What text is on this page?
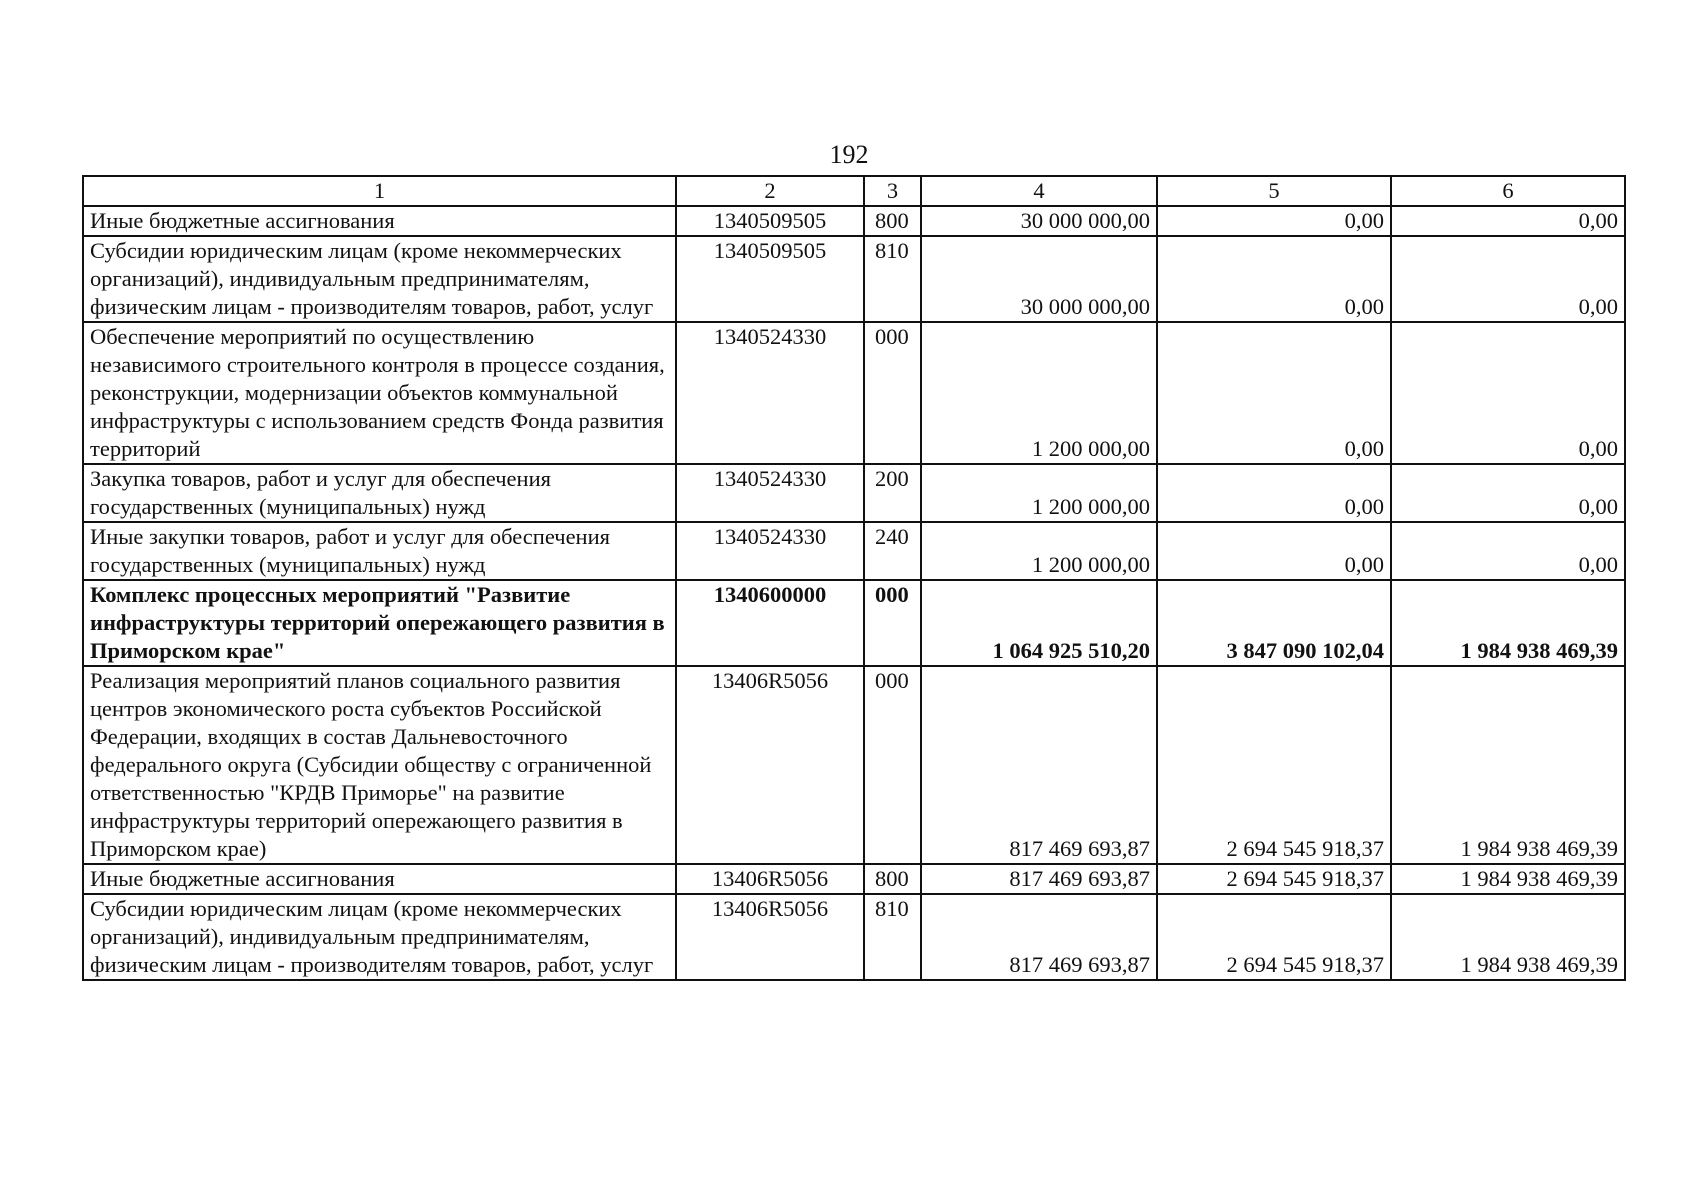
192
1	2	3	4	5	6
Иные бюджетные ассигнования	1340509505	800	30 000 000,00	0,00	0,00
Субсидии юридическим лицам (кроме некоммерческих организаций), индивидуальным предпринимателям, физическим лицам - производителям товаров, работ, услуг	1340509505	810	30 000 000,00	0,00	0,00
Обеспечение мероприятий по осуществлению независимого строительного контроля в процессе создания, реконструкции, модернизации объектов коммунальной инфраструктуры с использованием средств Фонда развития территорий	1340524330	000	1 200 000,00	0,00	0,00
Закупка товаров, работ и услуг для обеспечения государственных (муниципальных) нужд	1340524330	200	1 200 000,00	0,00	0,00
Иные закупки товаров, работ и услуг для обеспечения государственных (муниципальных) нужд	1340524330	240	1 200 000,00	0,00	0,00
Комплекс процессных мероприятий "Развитие инфраструктуры территорий опережающего развития в Приморском крае"	1340600000	000	1 064 925 510,20	3 847 090 102,04	1 984 938 469,39
Реализация мероприятий планов социального развития центров экономического роста субъектов Российской Федерации, входящих в состав Дальневосточного федерального округа (Субсидии обществу с ограниченной ответственностью "КРДВ Приморье" на развитие инфраструктуры территорий опережающего развития в Приморском крае)	13406R5056	000	817 469 693,87	2 694 545 918,37	1 984 938 469,39
Иные бюджетные ассигнования	13406R5056	800	817 469 693,87	2 694 545 918,37	1 984 938 469,39
Субсидии юридическим лицам (кроме некоммерческих организаций), индивидуальным предпринимателям, физическим лицам - производителям товаров, работ, услуг	13406R5056	810	817 469 693,87	2 694 545 918,37	1 984 938 469,39
